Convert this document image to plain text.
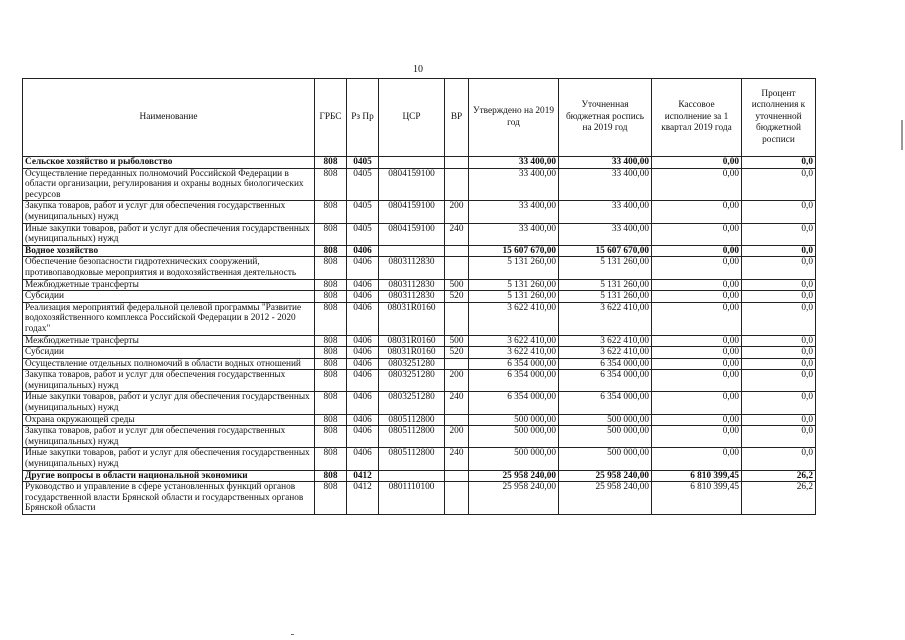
10
Наименование	ГРБС	Рз Пр	ЦСР	ВР	Утверждено на 2019 год	Уточненная бюджетная роспись на 2019 год	Кассовое исполнение за 1 квартал 2019 года	Процент исполнения к уточненной бюджетной росписи
Сельское хозяйство и рыболовство	808	0405			33 400,00	33 400,00	0,00	0,0
Осуществление переданных полномочий Российской Федерации в области организации, регулирования и охраны водных биологических ресурсов	808	0405	0804159100		33 400,00	33 400,00	0,00	0,0
Закупка товаров, работ и услуг для обеспечения государственных (муниципальных) нужд	808	0405	0804159100	200	33 400,00	33 400,00	0,00	0,0
Иные закупки товаров, работ и услуг для обеспечения государственных (муниципальных) нужд	808	0405	0804159100	240	33 400,00	33 400,00	0,00	0,0
Водное хозяйство	808	0406			15 607 670,00	15 607 670,00	0,00	0,0
Обеспечение безопасности гидротехнических сооружений, противопаводковые мероприятия и водохозяйственная деятельность	808	0406	0803112830		5 131 260,00	5 131 260,00	0,00	0,0
Межбюджетные трансферты	808	0406	0803112830	500	5 131 260,00	5 131 260,00	0,00	0,0
Субсидии	808	0406	0803112830	520	5 131 260,00	5 131 260,00	0,00	0,0
Реализация мероприятий федеральной целевой программы "Развитие водохозяйственного комплекса Российской Федерации в 2012 - 2020 годах"	808	0406	08031R0160		3 622 410,00	3 622 410,00	0,00	0,0
Межбюджетные трансферты	808	0406	08031R0160	500	3 622 410,00	3 622 410,00	0,00	0,0
Субсидии	808	0406	08031R0160	520	3 622 410,00	3 622 410,00	0,00	0,0
Осуществление отдельных полномочий в области водных отношений	808	0406	0803251280		6 354 000,00	6 354 000,00	0,00	0,0
Закупка товаров, работ и услуг для обеспечения государственных (муниципальных) нужд	808	0406	0803251280	200	6 354 000,00	6 354 000,00	0,00	0,0
Иные закупки товаров, работ и услуг для обеспечения государственных (муниципальных) нужд	808	0406	0803251280	240	6 354 000,00	6 354 000,00	0,00	0,0
Охрана окружающей среды	808	0406	0805112800		500 000,00	500 000,00	0,00	0,0
Закупка товаров, работ и услуг для обеспечения государственных (муниципальных) нужд	808	0406	0805112800	200	500 000,00	500 000,00	0,00	0,0
Иные закупки товаров, работ и услуг для обеспечения государственных (муниципальных) нужд	808	0406	0805112800	240	500 000,00	500 000,00	0,00	0,0
Другие вопросы в области национальной экономики	808	0412			25 958 240,00	25 958 240,00	6 810 399,45	26,2
Руководство и управление в сфере установленных функций органов государственной власти Брянской области и государственных органов Брянской области	808	0412	0801110100		25 958 240,00	25 958 240,00	6 810 399,45	26,2
